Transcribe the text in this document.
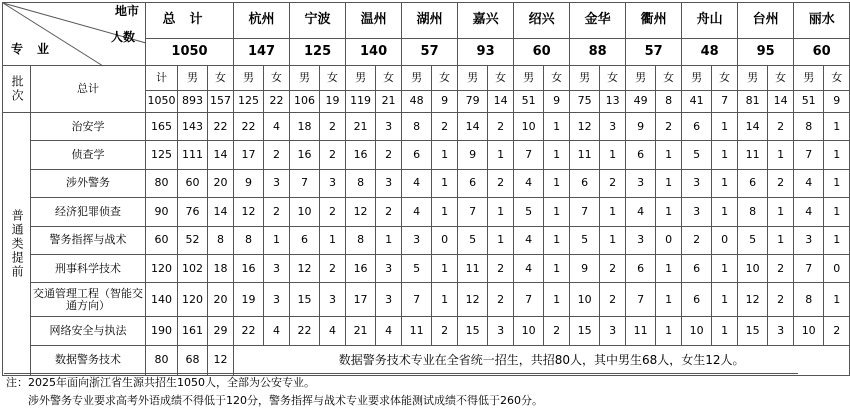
地市
人数
专业		总计			杭州		宁波		温州		湖州		嘉兴		绍兴		金华		衢州		舟山		台州		丽水	
		1050			147		125		140		57		93		60		88		57		48		95		60	

批次	总计	计	男	女	男	女	男	女	男	女	男	女	男	女	男	女	男	女	男	女	男	女	男	女	男	女
		1050	893	157	125	22	106	19	119	21	48	9	79	14	51	9	75	13	49	8	41	7	81	14	51	9

普通类提前	治安学	165	143	22	22	4	18	2	21	3	8	2	14	2	10	1	12	3	9	2	6	1	14	2	8	1
	侦查学	125	111	14	17	2	16	2	16	2	6	1	9	1	7	1	11	1	6	1	5	1	11	1	7	1
	涉外警务	80	60	20	9	3	7	3	8	3	4	1	6	2	4	1	6	2	3	1	3	1	6	2	4	1
	经济犯罪侦查	90	76	14	12	2	10	2	12	2	4	1	7	1	5	1	7	1	4	1	3	1	8	1	4	1
	警务指挥与战术	60	52	8	8	1	6	1	8	1	3	0	5	1	4	1	5	1	3	0	2	0	5	1	3	1
	刑事科学技术	120	102	18	16	3	12	2	16	3	5	1	11	2	4	1	9	2	6	1	6	1	10	2	7	0
	交通管理工程（智能交通方向）	140	120	20	19	3	15	3	17	3	7	1	12	2	7	1	10	2	7	1	6	1	12	2	8	1
	网络安全与执法	190	161	29	22	4	22	4	21	4	11	2	15	3	10	2	15	3	11	1	10	1	15	3	10	2
	数据警务技术	80	68	12	数据警务技术专业在全省统一招生，共招80人，其中男生68人，女生12人。																					
注：2025年面向浙江省生源共招生1050人，全部为公安专业。
涉外警务专业要求高考外语成绩不得低于120分，警务指挥与战术专业要求体能测试成绩不得低于260分。
